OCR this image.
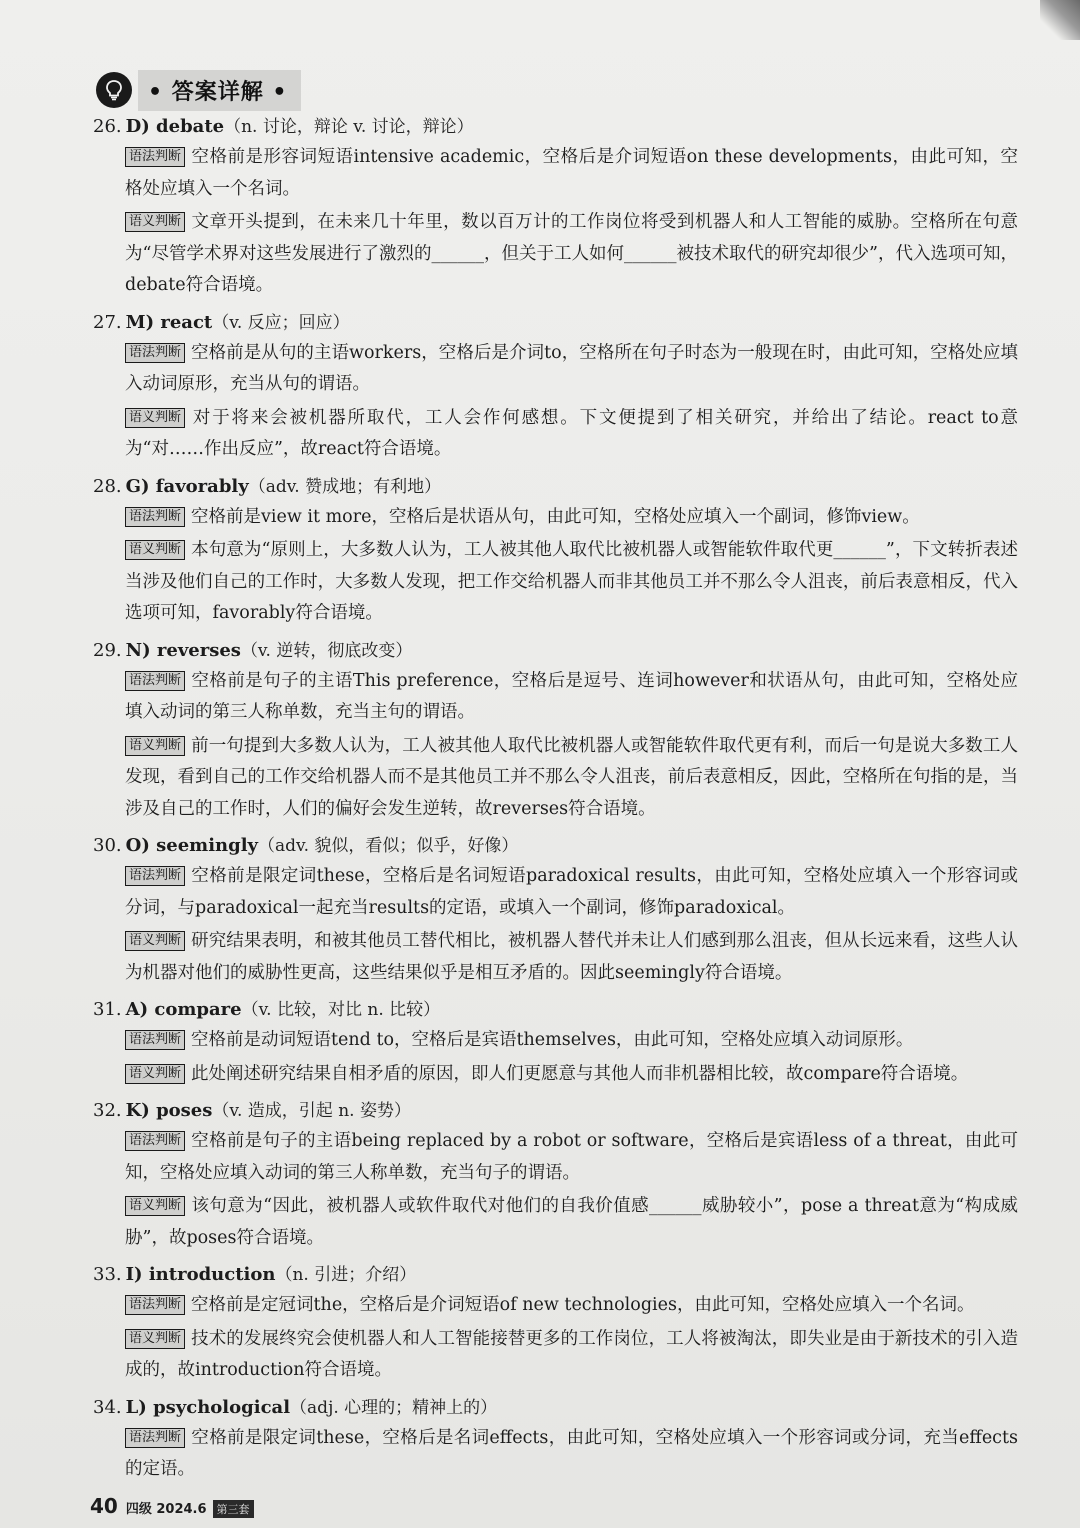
• 答案详解 •
26. D) debate（n. 讨论，辩论 v. 讨论，辩论）
语法判断 空格前是形容词短语intensive academic，空格后是介词短语on these developments，由此可知，空格处应填入一个名词。
语义判断 文章开头提到，在未来几十年里，数以百万计的工作岗位将受到机器人和人工智能的威胁。空格所在句意为“尽管学术界对这些发展进行了激烈的______，但关于工人如何______被技术取代的研究却很少”，代入选项可知，debate符合语境。
27. M) react（v. 反应；回应）
语法判断 空格前是从句的主语workers，空格后是介词to，空格所在句子时态为一般现在时，由此可知，空格处应填入动词原形，充当从句的谓语。
语义判断 对于将来会被机器所取代，工人会作何感想。下文便提到了相关研究，并给出了结论。react to意为“对……作出反应”，故react符合语境。
28. G) favorably（adv. 赞成地；有利地）
语法判断 空格前是view it more，空格后是状语从句，由此可知，空格处应填入一个副词，修饰view。
语义判断 本句意为“原则上，大多数人认为，工人被其他人取代比被机器人或智能软件取代更______”，下文转折表述当涉及他们自己的工作时，大多数人发现，把工作交给机器人而非其他员工并不那么令人沮丧，前后表意相反，代入选项可知，favorably符合语境。
29. N) reverses（v. 逆转，彻底改变）
语法判断 空格前是句子的主语This preference，空格后是逗号、连词however和状语从句，由此可知，空格处应填入动词的第三人称单数，充当主句的谓语。
语义判断 前一句提到大多数人认为，工人被其他人取代比被机器人或智能软件取代更有利，而后一句是说大多数工人发现，看到自己的工作交给机器人而不是其他员工并不那么令人沮丧，前后表意相反，因此，空格所在句指的是，当涉及自己的工作时，人们的偏好会发生逆转，故reverses符合语境。
30. O) seemingly（adv. 貌似，看似；似乎，好像）
语法判断 空格前是限定词these，空格后是名词短语paradoxical results，由此可知，空格处应填入一个形容词或分词，与paradoxical一起充当results的定语，或填入一个副词，修饰paradoxical。
语义判断 研究结果表明，和被其他员工替代相比，被机器人替代并未让人们感到那么沮丧，但从长远来看，这些人认为机器对他们的威胁性更高，这些结果似乎是相互矛盾的。因此seemingly符合语境。
31. A) compare（v. 比较，对比 n. 比较）
语法判断 空格前是动词短语tend to，空格后是宾语themselves，由此可知，空格处应填入动词原形。
语义判断 此处阐述研究结果自相矛盾的原因，即人们更愿意与其他人而非机器相比较，故compare符合语境。
32. K) poses（v. 造成，引起 n. 姿势）
语法判断 空格前是句子的主语being replaced by a robot or software，空格后是宾语less of a threat，由此可知，空格处应填入动词的第三人称单数，充当句子的谓语。
语义判断 该句意为“因此，被机器人或软件取代对他们的自我价值感______威胁较小”，pose a threat意为“构成威胁”，故poses符合语境。
33. I) introduction（n. 引进；介绍）
语法判断 空格前是定冠词the，空格后是介词短语of new technologies，由此可知，空格处应填入一个名词。
语义判断 技术的发展终究会使机器人和人工智能接替更多的工作岗位，工人将被淘汰，即失业是由于新技术的引入造成的，故introduction符合语境。
34. L) psychological（adj. 心理的；精神上的）
语法判断 空格前是限定词these，空格后是名词effects，由此可知，空格处应填入一个形容词或分词，充当effects的定语。
40 四级 2024.6 第三套
